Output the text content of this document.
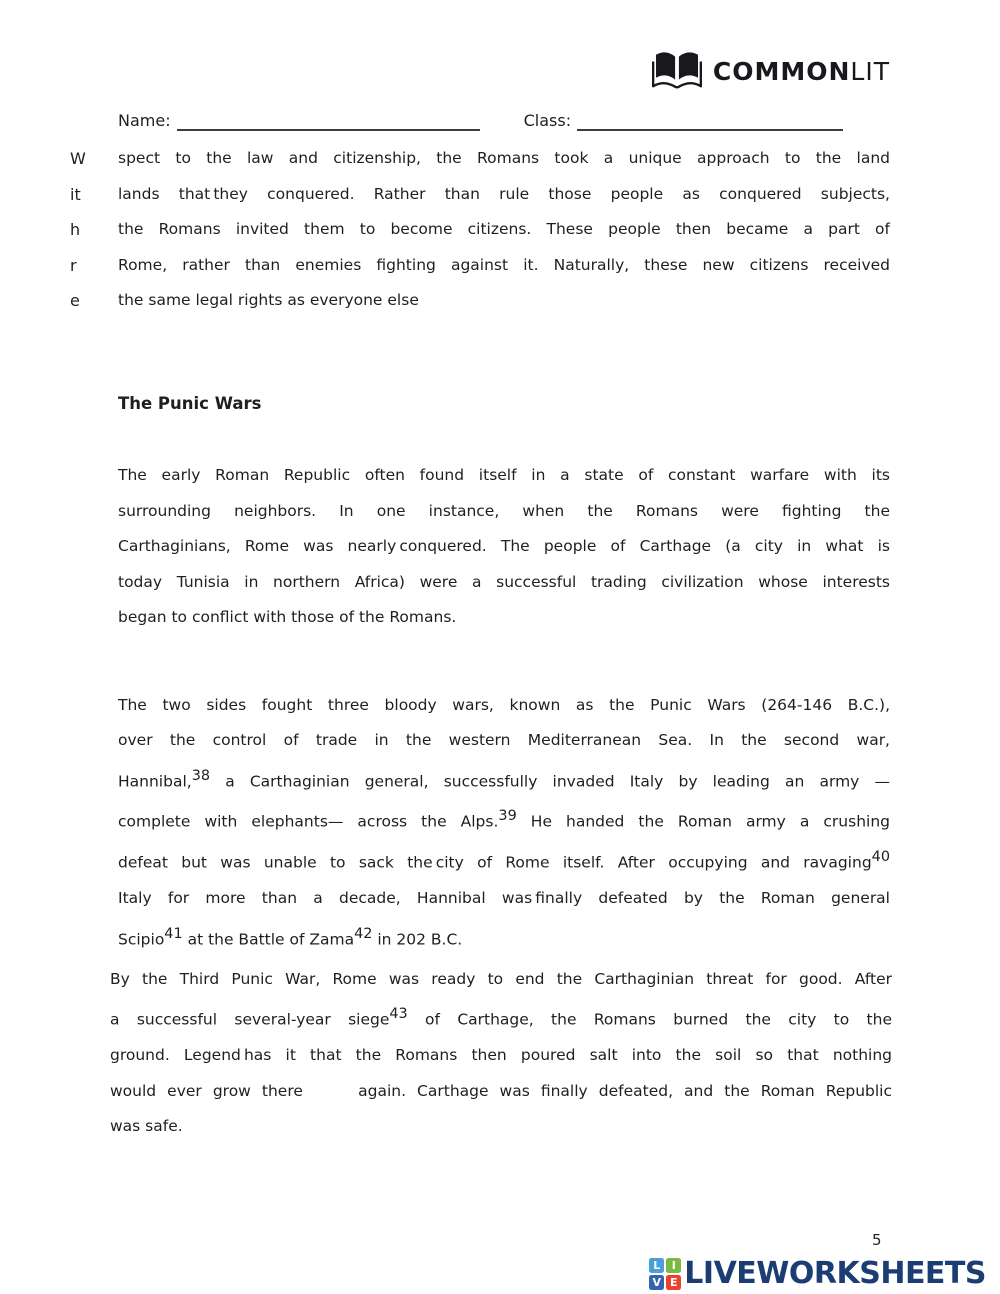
COMMONLIT
Name:	Class:
W
it
h
r
e
spect to the law and citizenship, the Romans took a unique approach to the land
lands that they conquered. Rather than rule those people as conquered subjects,
the Romans invited them to become citizens. These people then became a part of
Rome, rather than enemies fighting against it. Naturally, these new citizens received
the same legal rights as everyone else
The Punic Wars
The early Roman Republic often found itself in a state of constant warfare with its
surrounding neighbors. In one instance, when the Romans were fighting the
Carthaginians, Rome was nearly conquered. The people of Carthage (a city in what is
today Tunisia in northern Africa) were a successful trading civilization whose interests
began to conflict with those of the Romans.
The two sides fought three bloody wars, known as the Punic Wars (264-146 B.C.),
over the control of trade in the western Mediterranean Sea. In the second war,
Hannibal,$^{38}$ a Carthaginian general, successfully invaded Italy by leading an army —
complete with elephants— across the Alps.$^{39}$ He handed the Roman army a crushing
defeat but was unable to sack the city of Rome itself. After occupying and ravaging$^{40}$
Italy for more than a decade, Hannibal was finally defeated by the Roman general
Scipio$^{41}$ at the Battle of Zama$^{42}$ in 202 B.C.
By the Third Punic War, Rome was ready to end the Carthaginian threat for good. After
a successful several-year siege$^{43}$ of Carthage, the Romans burned the city to the
ground. Legend has it that the Romans then poured salt into the soil so that nothing
would ever grow there     again. Carthage was finally defeated, and the Roman Republic
was safe.
5
L	I
V E LIVEWORKSHEETS
